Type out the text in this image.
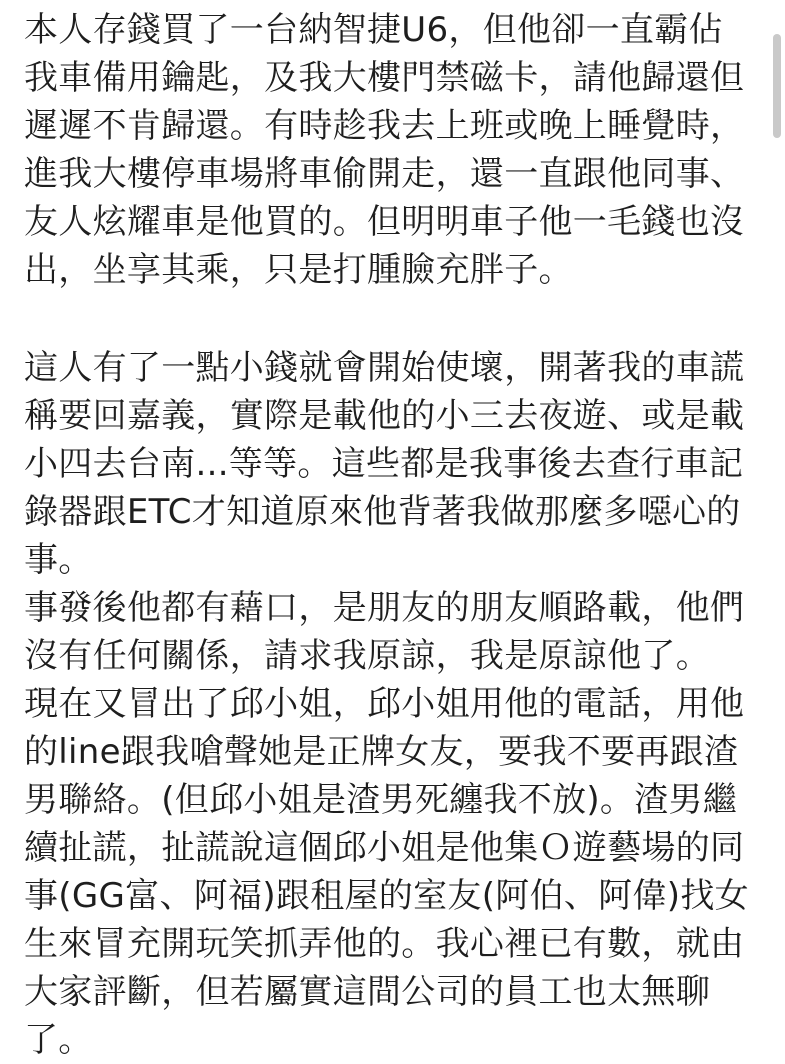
本人存錢買了一台納智捷U6，但他卻一直霸佔
我車備用鑰匙，及我大樓門禁磁卡，請他歸還但
遲遲不肯歸還。有時趁我去上班或晚上睡覺時，
進我大樓停車場將車偷開走，還一直跟他同事、
友人炫耀車是他買的。但明明車子他一毛錢也沒
出，坐享其乘，只是打腫臉充胖子。
這人有了一點小錢就會開始使壞，開著我的車謊
稱要回嘉義，實際是載他的小三去夜遊、或是載
小四去台南...等等。這些都是我事後去查行車記
錄器跟ETC才知道原來他背著我做那麼多噁心的
事。
事發後他都有藉口，是朋友的朋友順路載，他們
沒有任何關係，請求我原諒，我是原諒他了。
現在又冒出了邱小姐，邱小姐用他的電話，用他
的line跟我嗆聲她是正牌女友，要我不要再跟渣
男聯絡。(但邱小姐是渣男死纏我不放)。渣男繼
續扯謊，扯謊說這個邱小姐是他集Ｏ遊藝場的同
事(GG富、阿福)跟租屋的室友(阿伯、阿偉)找女
生來冒充開玩笑抓弄他的。我心裡已有數，就由
大家評斷，但若屬實這間公司的員工也太無聊
了。
